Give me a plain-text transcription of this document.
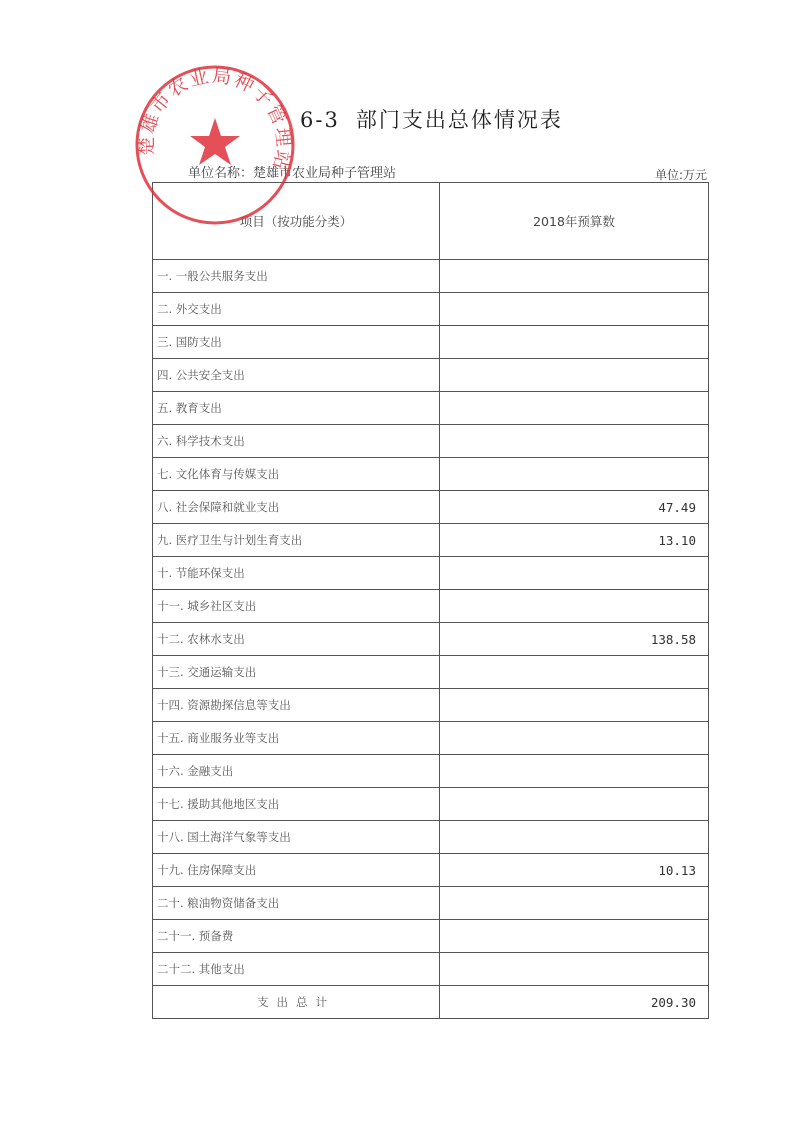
6-3 部门支出总体情况表
单位名称：楚雄市农业局种子管理站	单位:万元
项目（按功能分类）	2018年预算数
一. 一般公共服务支出	
二. 外交支出	
三. 国防支出	
四. 公共安全支出	
五. 教育支出	
六. 科学技术支出	
七. 文化体育与传媒支出	
八. 社会保障和就业支出	47.49
九. 医疗卫生与计划生育支出	13.10
十. 节能环保支出	
十一. 城乡社区支出	
十二. 农林水支出	138.58
十三. 交通运输支出	
十四. 资源勘探信息等支出	
十五. 商业服务业等支出	
十六. 金融支出	
十七. 援助其他地区支出	
十八. 国土海洋气象等支出	
十九. 住房保障支出	10.13
二十. 粮油物资储备支出	
二十一. 预备费	
二十二. 其他支出	
支出总计	209.30
楚雄市农业局种子管理站
